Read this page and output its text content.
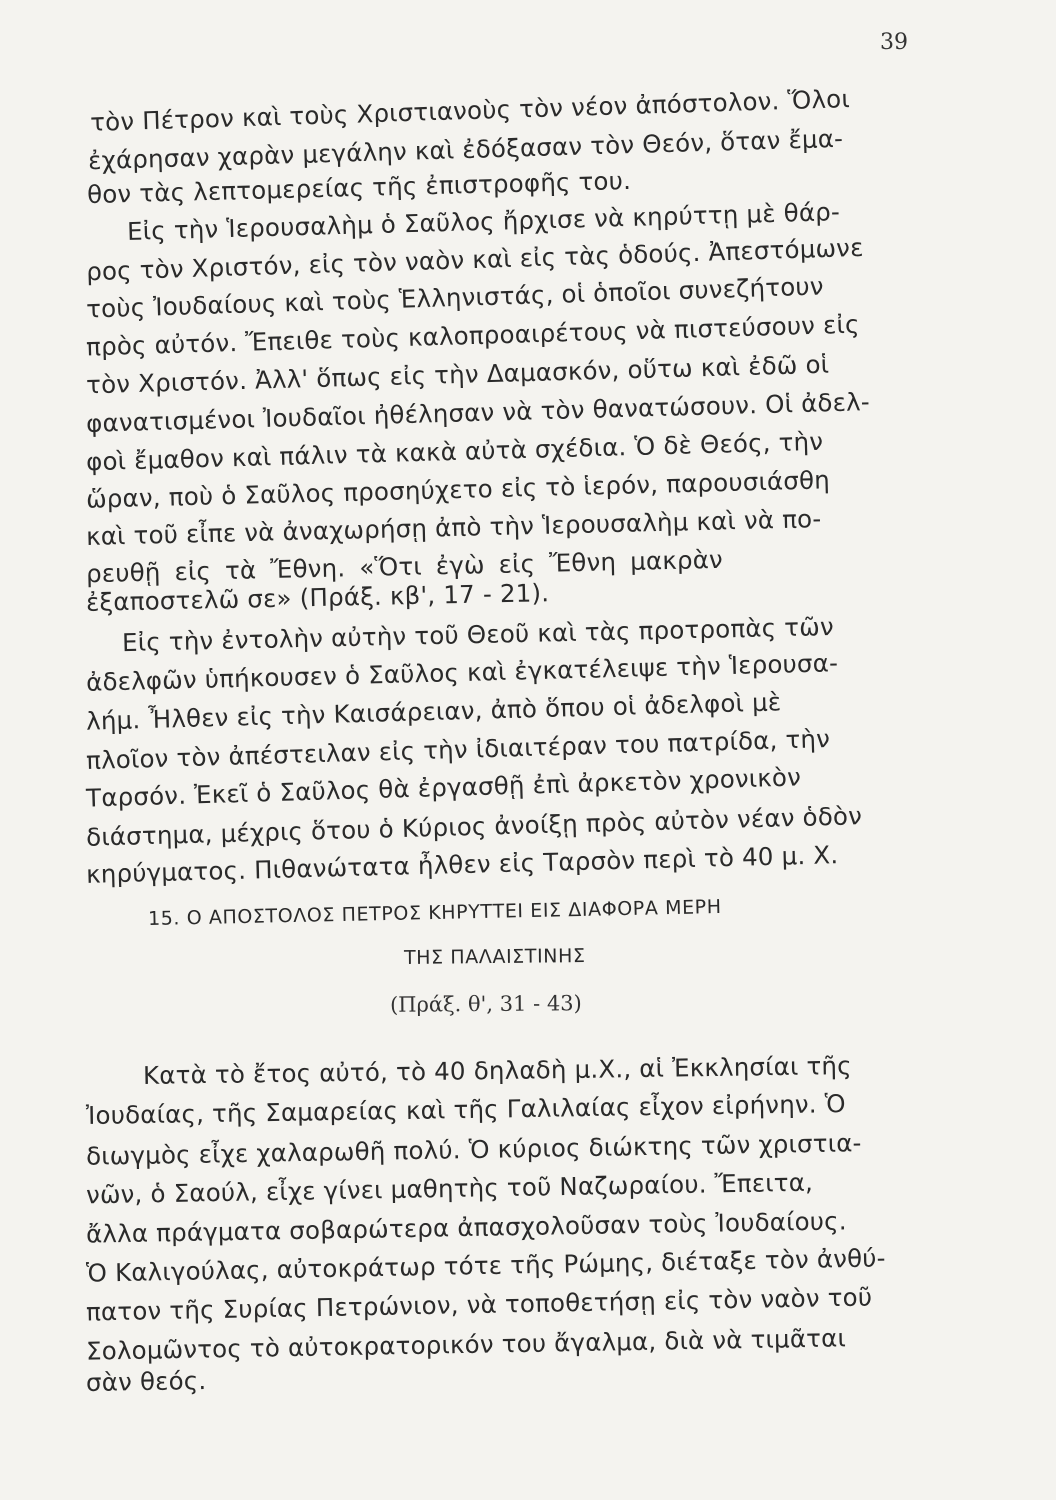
39

τὸν Πέτρον καὶ τοὺς Χριστιανοὺς τὸν νέον ἀπόστολον. Ὅλοι

ἐχάρησαν χαρὰν μεγάλην καὶ ἐδόξασαν τὸν Θεόν, ὅταν ἔμα-

θον τὰς λεπτομερείας τῆς ἐπιστροφῆς του.

Εἰς τὴν Ἱερουσαλὴμ ὁ Σαῦλος ἤρχισε νὰ κηρύττῃ μὲ θάρ-

ρος τὸν Χριστόν, εἰς τὸν ναὸν καὶ εἰς τὰς ὁδούς. Ἀπεστόμωνε

τοὺς Ἰουδαίους καὶ τοὺς Ἑλληνιστάς, οἱ ὁποῖοι συνεζήτουν

πρὸς αὐτόν. Ἔπειθε τοὺς καλοπροαιρέτους νὰ πιστεύσουν εἰς

τὸν Χριστόν. Ἀλλ' ὅπως εἰς τὴν Δαμασκόν, οὕτω καὶ ἐδῶ οἱ

φανατισμένοι Ἰουδαῖοι ἠθέλησαν νὰ τὸν θανατώσουν. Οἱ ἀδελ-

φοὶ ἔμαθον καὶ πάλιν τὰ κακὰ αὐτὰ σχέδια. Ὁ δὲ Θεός, τὴν

ὥραν, ποὺ ὁ Σαῦλος προσηύχετο εἰς τὸ ἱερόν, παρουσιάσθη

καὶ τοῦ εἶπε νὰ ἀναχωρήσῃ ἀπὸ τὴν Ἱερουσαλὴμ καὶ νὰ πο-

ρευθῇ εἰς τὰ Ἔθνη. «Ὅτι ἐγὼ εἰς Ἔθνη μακρὰν

ἐξαποστελῶ σε» (Πράξ. κβ', 17 - 21).

Εἰς τὴν ἐντολὴν αὐτὴν τοῦ Θεοῦ καὶ τὰς προτροπὰς τῶν

ἀδελφῶν ὑπήκουσεν ὁ Σαῦλος καὶ ἐγκατέλειψε τὴν Ἱερουσα-

λήμ. Ἦλθεν εἰς τὴν Καισάρειαν, ἀπὸ ὅπου οἱ ἀδελφοὶ μὲ

πλοῖον τὸν ἀπέστειλαν εἰς τὴν ἰδιαιτέραν του πατρίδα, τὴν

Ταρσόν. Ἐκεῖ ὁ Σαῦλος θὰ ἐργασθῇ ἐπὶ ἀρκετὸν χρονικὸν

διάστημα, μέχρις ὅτου ὁ Κύριος ἀνοίξῃ πρὸς αὐτὸν νέαν ὁδὸν

κηρύγματος. Πιθανώτατα ἦλθεν εἰς Ταρσὸν περὶ τὸ 40 μ. Χ.

15. Ο ΑΠΟΣΤΟΛΟΣ ΠΕΤΡΟΣ ΚΗΡΥΤΤΕΙ ΕΙΣ ΔΙΑΦΟΡΑ ΜΕΡΗ

ΤΗΣ ΠΑΛΑΙΣΤΙΝΗΣ

(Πράξ. θ', 31 - 43)

Κατὰ τὸ ἔτος αὐτό, τὸ 40 δηλαδὴ μ.Χ., αἱ Ἐκκλησίαι τῆς

Ἰουδαίας, τῆς Σαμαρείας καὶ τῆς Γαλιλαίας εἶχον εἰρήνην. Ὁ

διωγμὸς εἶχε χαλαρωθῆ πολύ. Ὁ κύριος διώκτης τῶν χριστια-

νῶν, ὁ Σαούλ, εἶχε γίνει μαθητὴς τοῦ Ναζωραίου. Ἔπειτα,

ἄλλα πράγματα σοβαρώτερα ἀπασχολοῦσαν τοὺς Ἰουδαίους.

Ὁ Καλιγούλας, αὐτοκράτωρ τότε τῆς Ρώμης, διέταξε τὸν ἀνθύ-

πατον τῆς Συρίας Πετρώνιον, νὰ τοποθετήσῃ εἰς τὸν ναὸν τοῦ

Σολομῶντος τὸ αὐτοκρατορικόν του ἄγαλμα, διὰ νὰ τιμᾶται

σὰν θεός.
